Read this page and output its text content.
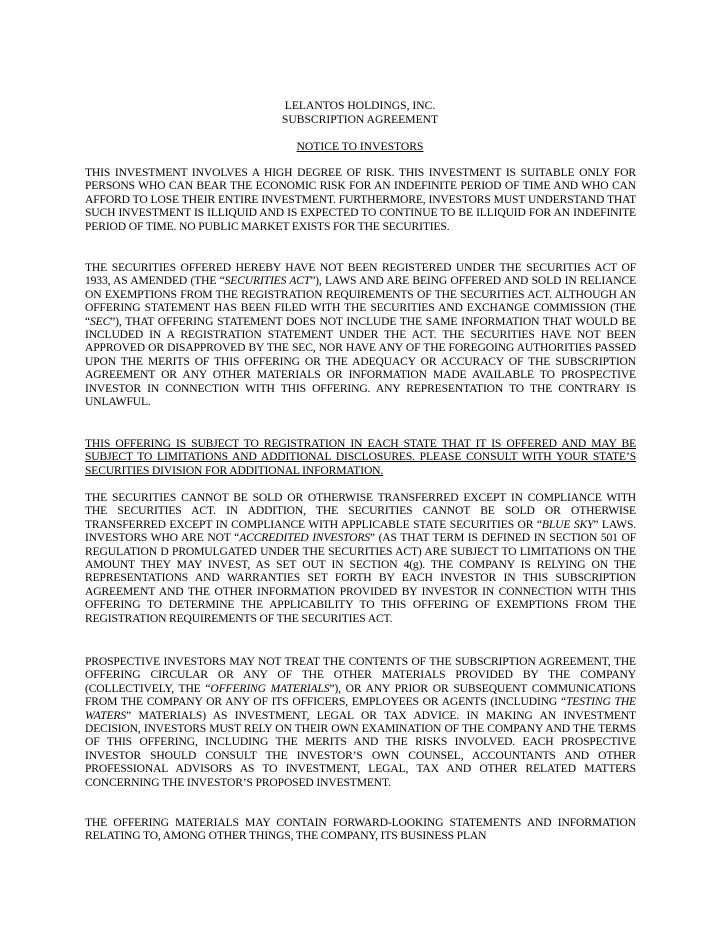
LELANTOS HOLDINGS, INC.
SUBSCRIPTION AGREEMENT
NOTICE TO INVESTORS

THIS INVESTMENT INVOLVES A HIGH DEGREE OF RISK. THIS INVESTMENT IS SUITABLE ONLY FOR PERSONS WHO CAN BEAR THE ECONOMIC RISK FOR AN INDEFINITE PERIOD OF TIME AND WHO CAN AFFORD TO LOSE THEIR ENTIRE INVESTMENT. FURTHERMORE, INVESTORS MUST UNDERSTAND THAT SUCH INVESTMENT IS ILLIQUID AND IS EXPECTED TO CONTINUE TO BE ILLIQUID FOR AN INDEFINITE PERIOD OF TIME. NO PUBLIC MARKET EXISTS FOR THE SECURITIES.

THE SECURITIES OFFERED HEREBY HAVE NOT BEEN REGISTERED UNDER THE SECURITIES ACT OF 1933, AS AMENDED (THE “SECURITIES ACT”), LAWS AND ARE BEING OFFERED AND SOLD IN RELIANCE ON EXEMPTIONS FROM THE REGISTRATION REQUIREMENTS OF THE SECURITIES ACT. ALTHOUGH AN OFFERING STATEMENT HAS BEEN FILED WITH THE SECURITIES AND EXCHANGE COMMISSION (THE “SEC”), THAT OFFERING STATEMENT DOES NOT INCLUDE THE SAME INFORMATION THAT WOULD BE INCLUDED IN A REGISTRATION STATEMENT UNDER THE ACT. THE SECURITIES HAVE NOT BEEN APPROVED OR DISAPPROVED BY THE SEC, NOR HAVE ANY OF THE FOREGOING AUTHORITIES PASSED UPON THE MERITS OF THIS OFFERING OR THE ADEQUACY OR ACCURACY OF THE SUBSCRIPTION AGREEMENT OR ANY OTHER MATERIALS OR INFORMATION MADE AVAILABLE TO PROSPECTIVE INVESTOR IN CONNECTION WITH THIS OFFERING. ANY REPRESENTATION TO THE CONTRARY IS UNLAWFUL.

THIS OFFERING IS SUBJECT TO REGISTRATION IN EACH STATE THAT IT IS OFFERED AND MAY BE SUBJECT TO LIMITATIONS AND ADDITIONAL DISCLOSURES. PLEASE CONSULT WITH YOUR STATE’S SECURITIES DIVISION FOR ADDITIONAL INFORMATION.

THE SECURITIES CANNOT BE SOLD OR OTHERWISE TRANSFERRED EXCEPT IN COMPLIANCE WITH THE SECURITIES ACT. IN ADDITION, THE SECURITIES CANNOT BE SOLD OR OTHERWISE TRANSFERRED EXCEPT IN COMPLIANCE WITH APPLICABLE STATE SECURITIES OR “BLUE SKY” LAWS. INVESTORS WHO ARE NOT “ACCREDITED INVESTORS” (AS THAT TERM IS DEFINED IN SECTION 501 OF REGULATION D PROMULGATED UNDER THE SECURITIES ACT) ARE SUBJECT TO LIMITATIONS ON THE AMOUNT THEY MAY INVEST, AS SET OUT IN SECTION 4(g). THE COMPANY IS RELYING ON THE REPRESENTATIONS AND WARRANTIES SET FORTH BY EACH INVESTOR IN THIS SUBSCRIPTION AGREEMENT AND THE OTHER INFORMATION PROVIDED BY INVESTOR IN CONNECTION WITH THIS OFFERING TO DETERMINE THE APPLICABILITY TO THIS OFFERING OF EXEMPTIONS FROM THE REGISTRATION REQUIREMENTS OF THE SECURITIES ACT.

PROSPECTIVE INVESTORS MAY NOT TREAT THE CONTENTS OF THE SUBSCRIPTION AGREEMENT, THE OFFERING CIRCULAR OR ANY OF THE OTHER MATERIALS PROVIDED BY THE COMPANY (COLLECTIVELY, THE “OFFERING MATERIALS”), OR ANY PRIOR OR SUBSEQUENT COMMUNICATIONS FROM THE COMPANY OR ANY OF ITS OFFICERS, EMPLOYEES OR AGENTS (INCLUDING “TESTING THE WATERS” MATERIALS) AS INVESTMENT, LEGAL OR TAX ADVICE. IN MAKING AN INVESTMENT DECISION, INVESTORS MUST RELY ON THEIR OWN EXAMINATION OF THE COMPANY AND THE TERMS OF THIS OFFERING, INCLUDING THE MERITS AND THE RISKS INVOLVED. EACH PROSPECTIVE INVESTOR SHOULD CONSULT THE INVESTOR’S OWN COUNSEL, ACCOUNTANTS AND OTHER PROFESSIONAL ADVISORS AS TO INVESTMENT, LEGAL, TAX AND OTHER RELATED MATTERS CONCERNING THE INVESTOR’S PROPOSED INVESTMENT.

THE OFFERING MATERIALS MAY CONTAIN FORWARD-LOOKING STATEMENTS AND INFORMATION RELATING TO, AMONG OTHER THINGS, THE COMPANY, ITS BUSINESS PLAN
